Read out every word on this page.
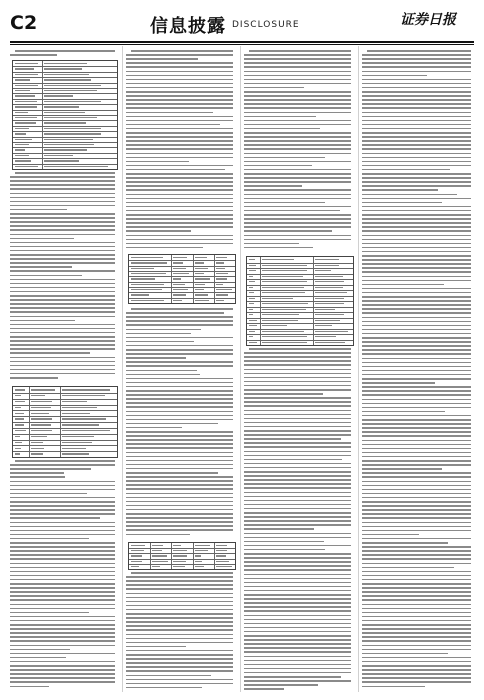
C2	信息披露 DISCLOSURE	证券日报
